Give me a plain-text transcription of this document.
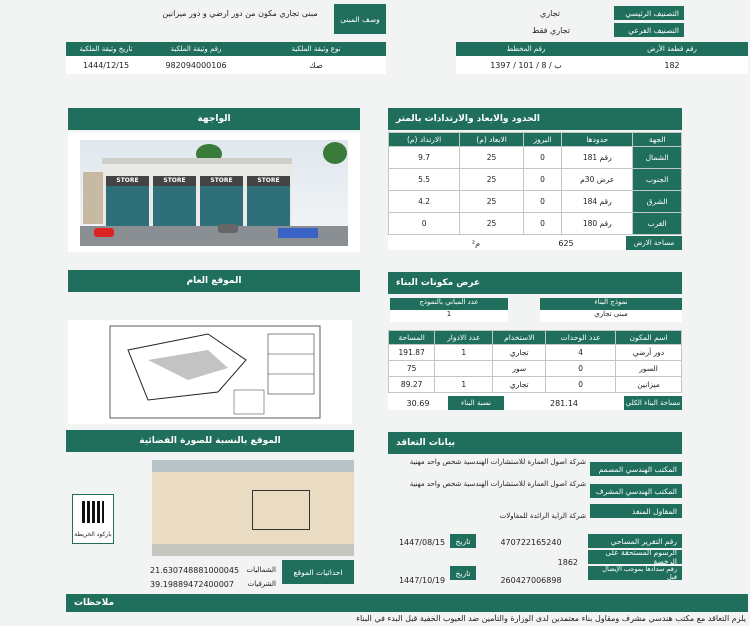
التصنيف الرئيسي
تجاري
التصنيف الفرعي
تجاري فقط
مبنى تجاري مكون من دور ارضي و دور ميزانين
وصف المبنى
تاريخ وثيقة الملكية	رقم وثيقة الملكية	نوع وثيقة الملكية	رقم المخطط	رقم قطعة الأرض
1444/12/15	982094000106	صك	1397 / ب / 8 / 101	182
الواجهة
STORE	STORE	STORE	STORE
الموقع العام
الموقع بالنسبة للصورة الفضائية
باركود الخريطة
21.630748881000045
39.19889472400007
الشماليات
الشرقيات
احداثيات الموقع
الحدود والابعاد والارتدادات بالمتر
الجهة	حدودها	البروز	الابعاد (م)	الارتداد (م)
الشمال	رقم 181	0	25	9.7
الجنوب	عرض 30م	0	25	5.5
الشرق	رقم 184	0	25	4.2
الغرب	رقم 180	0	25	0
مساحة الارض
625
م²
عرض مكونات البناء
نموذج البناء
مبنى تجاري
عدد المباني بالنموذج
1
اسم المكون	عدد الوحدات	الاستخدام	عدد الادوار	المساحة
دور أرضي	4	تجاري	1	191.87
السور	0	سور		75
ميزانين	0	تجاري	1	89.27
مساحة البناء الكلي
281.14
نسبة البناء
30.69
بيانات التعاقد
المكتب الهندسي المصمم
شركة اصول العمارة للاستشارات الهندسية شخص واحد مهنية
المكتب الهندسي المشرف
شركة اصول العمارة للاستشارات الهندسية شخص واحد مهنية
المقاول المنفذ
شركة الراية الرائدة للمقاولات
رقم التقرير المساحي
470722165240
تاريخ
1447/08/15
الرسوم المستحقة على الرخصة
1862
رقم سدادها بموجب الإيصال قبل
260427006898
تاريخ
1447/10/19
ملاحظات
يلزم التعاقد مع مكتب هندسي مشرف ومقاول بناء معتمدين لدى الوزارة والتأمين ضد العيوب الخفية قبل البدء في البناء
